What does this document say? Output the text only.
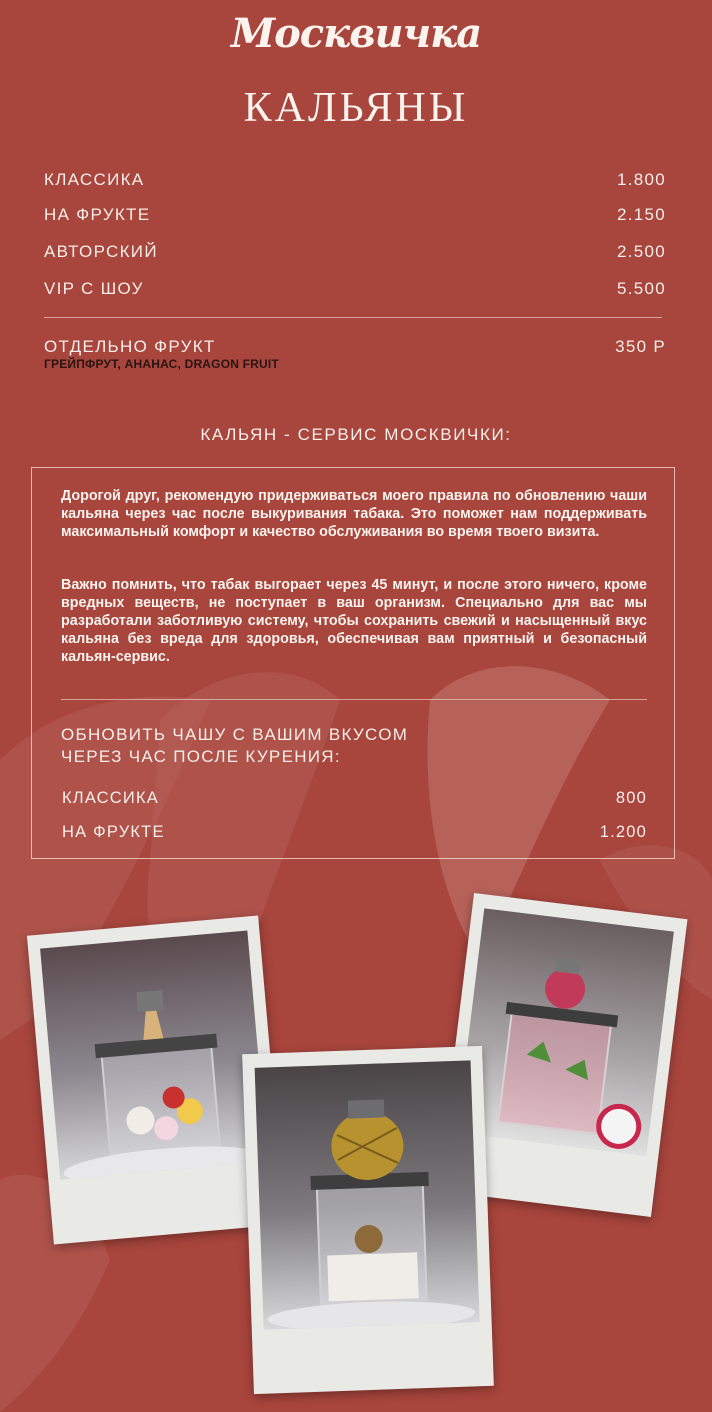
Москвичка
КАЛЬЯНЫ
КЛАССИКА	1.800
НА ФРУКТЕ	2.150
АВТОРСКИЙ	2.500
VIP С ШОУ	5.500
ОТДЕЛЬНО ФРУКТ	350 Р
ГРЕЙПФРУТ, АНАНАС, DRAGON FRUIT
КАЛЬЯН - СЕРВИС МОСКВИЧКИ:
Дорогой друг, рекомендую придерживаться моего правила по обновлению чаши кальяна через час после выкуривания табака. Это поможет нам поддерживать максимальный комфорт и качество обслуживания во время твоего визита.
Важно помнить, что табак выгорает через 45 минут, и после этого ничего, кроме вредных веществ, не поступает в ваш организм. Специально для вас мы разработали заботливую систему, чтобы сохранить свежий и насыщенный вкус кальяна без вреда для здоровья, обеспечивая вам приятный и безопасный кальян-сервис.
ОБНОВИТЬ ЧАШУ С ВАШИМ ВКУСОМ
ЧЕРЕЗ ЧАС ПОСЛЕ КУРЕНИЯ:
КЛАССИКА	800
НА ФРУКТЕ	1.200
